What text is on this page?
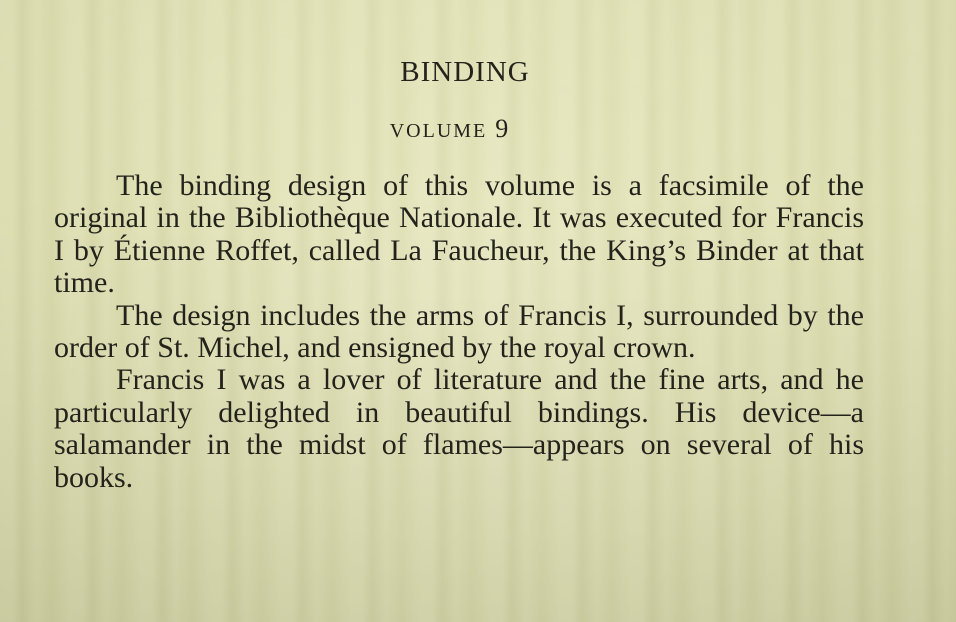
BINDING
VOLUME 9

The binding design of this volume is a facsimile of the original in the Bibliothèque Nationale. It was executed for Francis I by Étienne Roffet, called La Faucheur, the King’s Binder at that time.

The design includes the arms of Francis I, surrounded by the order of St. Michel, and ensigned by the royal crown.

Francis I was a lover of literature and the fine arts, and he particularly delighted in beautiful bindings. His device—a salamander in the midst of flames—appears on several of his books.
